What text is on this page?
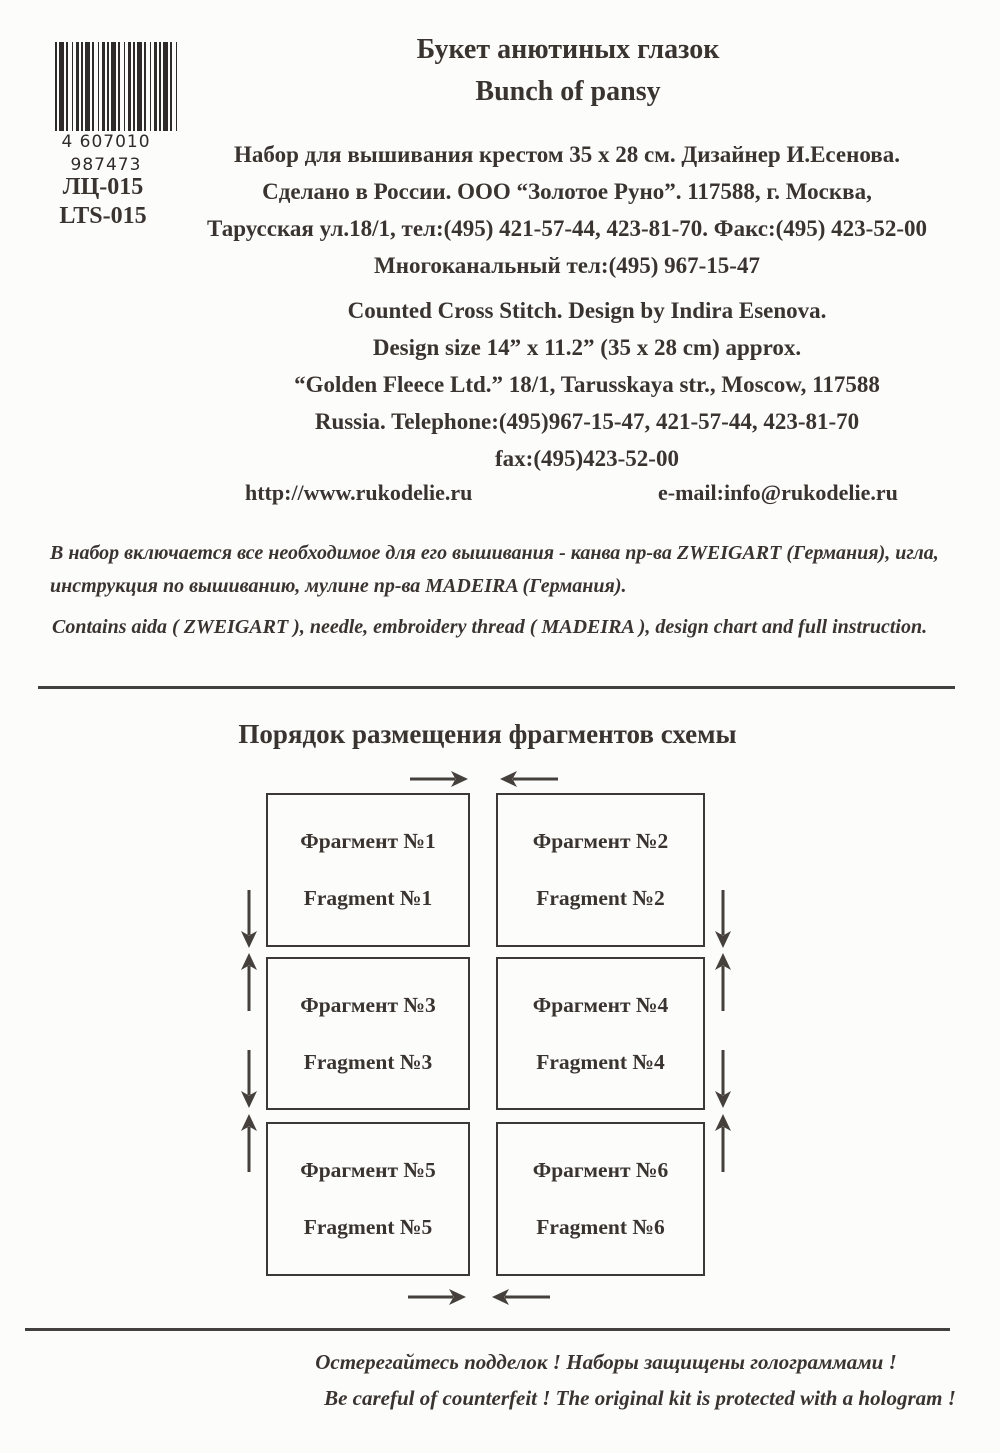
4 607010 987473
ЛЦ-015
LTS-015
Букет анютиных глазок
Bunch of pansy
Набор для вышивания крестом 35 х 28 см. Дизайнер И.Есенова.
Сделано в России. ООО “Золотое Руно”. 117588, г. Москва,
Тарусская ул.18/1, тел:(495) 421-57-44, 423-81-70. Факс:(495) 423-52-00
Многоканальный тел:(495) 967-15-47
Counted Cross Stitch. Design by Indira Esenova.
Design size 14” x 11.2” (35 x 28 cm) approx.
“Golden Fleece Ltd.” 18/1, Tarusskaya str., Moscow, 117588
Russia. Telephone:(495)967-15-47, 421-57-44, 423-81-70
fax:(495)423-52-00
http://www.rukodelie.ru	e-mail:info@rukodelie.ru
В набор включается все необходимое для его вышивания - канва пр-ва ZWEIGART (Германия), игла,
инструкция по вышиванию, мулине пр-ва MADEIRA (Германия).
Contains aida ( ZWEIGART ), needle, embroidery thread ( MADEIRA ), design chart and full instruction.
Порядок размещения фрагментов схемы
Фрагмент №1
Fragment №1
Фрагмент №2
Fragment №2
Фрагмент №3
Fragment №3
Фрагмент №4
Fragment №4
Фрагмент №5
Fragment №5
Фрагмент №6
Fragment №6
Остерегайтесь подделок ! Наборы защищены голограммами !
Be careful of counterfeit ! The original kit is protected with a hologram !
